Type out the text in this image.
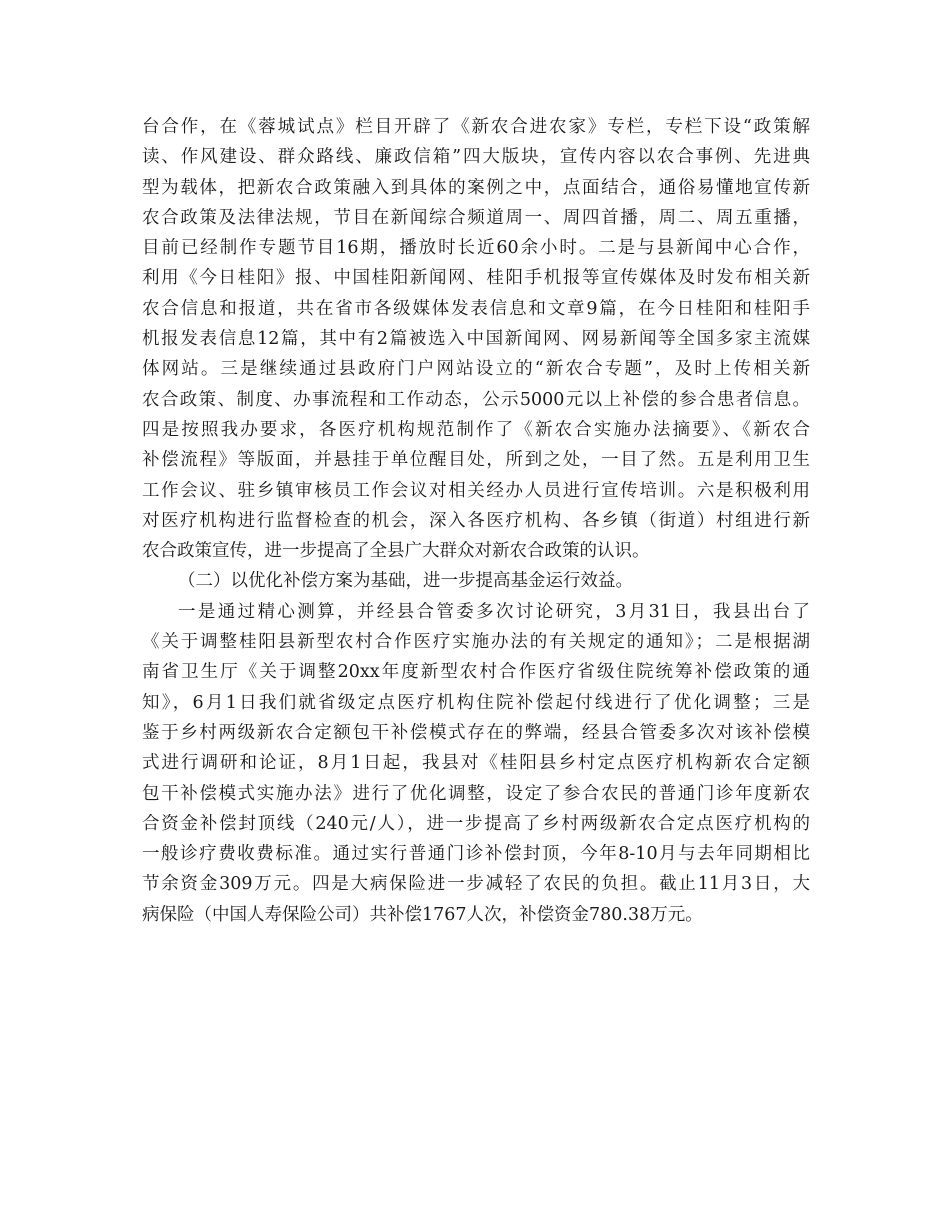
台合作，在《蓉城试点》栏目开辟了《新农合进农家》专栏，专栏下设“政策解
读、作风建设、群众路线、廉政信箱”四大版块，宣传内容以农合事例、先进典
型为载体，把新农合政策融入到具体的案例之中，点面结合，通俗易懂地宣传新
农合政策及法律法规，节目在新闻综合频道周一、周四首播，周二、周五重播，
目前已经制作专题节目16期，播放时长近60余小时。二是与县新闻中心合作，
利用《今日桂阳》报、中国桂阳新闻网、桂阳手机报等宣传媒体及时发布相关新
农合信息和报道，共在省市各级媒体发表信息和文章9篇，在今日桂阳和桂阳手
机报发表信息12篇，其中有2篇被选入中国新闻网、网易新闻等全国多家主流媒
体网站。三是继续通过县政府门户网站设立的“新农合专题”，及时上传相关新
农合政策、制度、办事流程和工作动态，公示5000元以上补偿的参合患者信息。
四是按照我办要求，各医疗机构规范制作了《新农合实施办法摘要》、《新农合
补偿流程》等版面，并悬挂于单位醒目处，所到之处，一目了然。五是利用卫生
工作会议、驻乡镇审核员工作会议对相关经办人员进行宣传培训。六是积极利用
对医疗机构进行监督检查的机会，深入各医疗机构、各乡镇（街道）村组进行新
农合政策宣传，进一步提高了全县广大群众对新农合政策的认识。
（二）以优化补偿方案为基础，进一步提高基金运行效益。
一是通过精心测算，并经县合管委多次讨论研究，3月31日，我县出台了
《关于调整桂阳县新型农村合作医疗实施办法的有关规定的通知》；二是根据湖
南省卫生厅《关于调整20xx年度新型农村合作医疗省级住院统筹补偿政策的通
知》，6月1日我们就省级定点医疗机构住院补偿起付线进行了优化调整；三是
鉴于乡村两级新农合定额包干补偿模式存在的弊端，经县合管委多次对该补偿模
式进行调研和论证，8月1日起，我县对《桂阳县乡村定点医疗机构新农合定额
包干补偿模式实施办法》进行了优化调整，设定了参合农民的普通门诊年度新农
合资金补偿封顶线（240元/人），进一步提高了乡村两级新农合定点医疗机构的
一般诊疗费收费标准。通过实行普通门诊补偿封顶，今年8-10月与去年同期相比
节余资金309万元。四是大病保险进一步减轻了农民的负担。截止11月3日，大
病保险（中国人寿保险公司）共补偿1767人次，补偿资金780.38万元。
